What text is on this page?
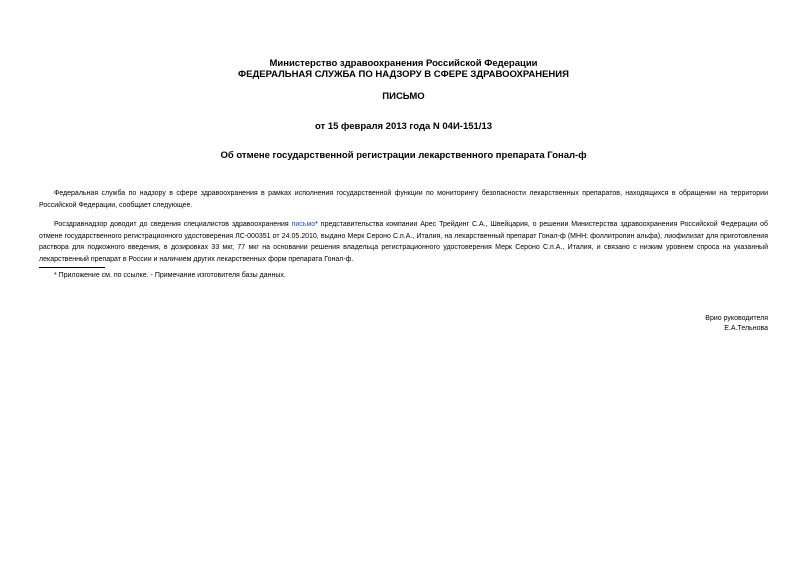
Министерство здравоохранения Российской Федерации
ФЕДЕРАЛЬНАЯ СЛУЖБА ПО НАДЗОРУ В СФЕРЕ ЗДРАВООХРАНЕНИЯ
ПИСЬМО
от 15 февраля 2013 года N 04И-151/13
Об отмене государственной регистрации лекарственного препарата Гонал-ф
Федеральная служба по надзору в сфере здравоохранения в рамках исполнения государственной функции по мониторингу безопасности лекарственных препаратов, находящихся в обращении на территории Российской Федерации, сообщает следующее.
Росздравнадзор доводит до сведения специалистов здравоохранения письмо* представительства компании Арес Трейдинг С.А., Швейцария, о решении Министерства здравоохранения Российской Федерации об отмене государственного регистрационного удостоверения ЛС-000351 от 24.05.2010, выдано Мерк Сероно С.п.А., Италия, на лекарственный препарат Гонал-ф (МНН: фоллитропин альфа), лиофилизат для приготовления раствора для подкожного введения, в дозировках 33 мкг, 77 мкг на основании решения владельца регистрационного удостоверения Мерк Сероно С.п.А., Италия, и связано с низким уровнем спроса на указанный лекарственный препарат в России и наличием других лекарственных форм препарата Гонал-ф.
* Приложение см. по ссылке. - Примечание изготовителя базы данных.
Врио руководителя
Е.А.Тельнова
